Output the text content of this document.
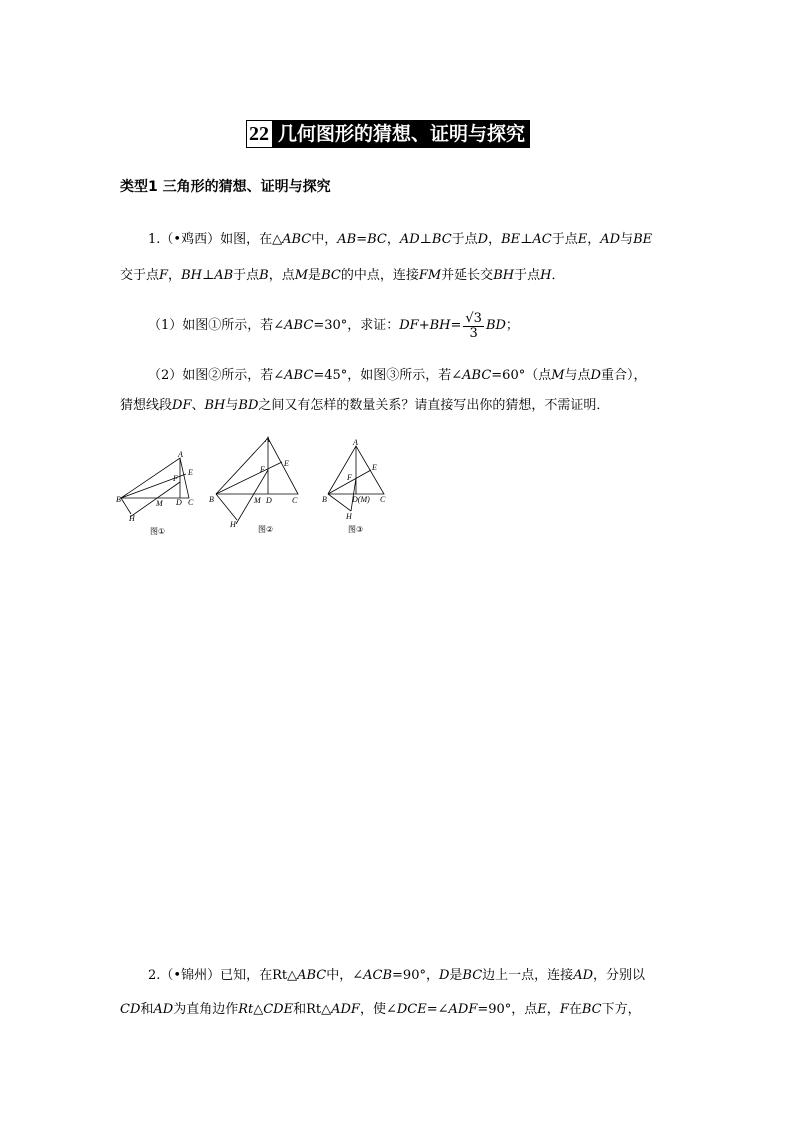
22 几何图形的猜想、证明与探究
类型1 三角形的猜想、证明与探究
1.（•鸡西）如图，在△ABC中，AB=BC，AD⊥BC于点D，BE⊥AC于点E，AD与BE
交于点F，BH⊥AB于点B，点M是BC的中点，连接FM并延长交BH于点H．
（1）如图①所示，若∠ ABC =30°，求证： $DF+BH= \frac{√3}{3}$ BD ；
（2）如图②所示，若∠ABC=45°，如图③所示，若∠ABC=60°（点M与点D重合），
猜想线段DF、BH与BD之间又有怎样的数量关系？请直接写出你的猜想，不需证明．
A
E
F
B	M D C
H
图①
A
E
F
B	M D	C
H
图②
A
E
F
B	D(M) C
H
图③
2.（•锦州）已知，在Rt△ABC中，∠ACB=90°，D是BC边上一点，连接AD，分别以
CD和AD为直角边作Rt△CDE和Rt△ADF，使∠DCE=∠ADF=90°，点E，F在BC下方，
